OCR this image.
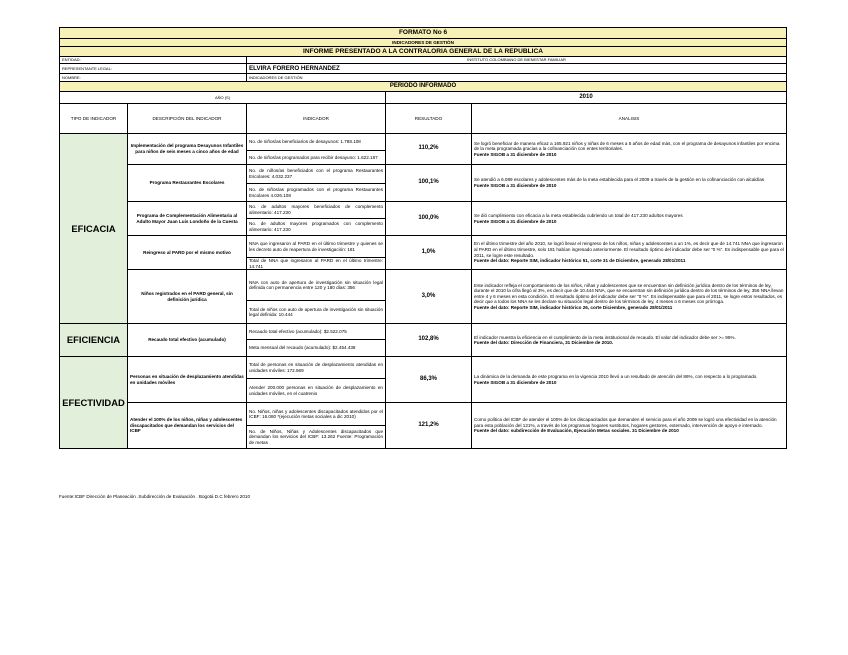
FORMATO No 6				
INDICADORES DE GESTIÓN				
INFORME PRESENTADO A LA CONTRALORIA GENERAL DE LA REPUBLICA				
ENTIDAD:		INSTITUTO COLOMBIANO DE BIENESTAR FAMILIAR		
REPRESENTANTE LEGAL:		ELVIRA FORERO HERNANDEZ		
NOMBRE:		INDICADORES DE GESTIÓN		
PERIODO INFORMADO				
AÑO (S)			2010	
TIPO DE INDICADOR	DESCRIPCIÓN DEL INDICADOR	INDICADOR	RESULTADO	ANALISIS
EFICACIA	Implementación del programa Desayunos Infantiles para niños de seis meses a cinco años de edad	No. de niños/as beneficiarios de desayunos: 1.788.108	110,2%	Se logró beneficiar de manera eficaz a 165.921 niños y niñas de 6 meses a 5 años de edad más, con el programa de desayunos infantiles por encima de la meta programada gracias a la cofinanciación con entes territoriales.
Fuente SIGOB a 31 diciembre de 2010

		No. de niños/as programados para recibir desayuno: 1.622.187		
	Programa Restaurantes Escolares	No. de niños/as beneficiados con el programa Restaurantes Escolares: 4.032.237	100,1%	Se atendió a 6.089 escolares y adolescentes más de la meta establecida para el 2009 a través de la gestión en la cofinanciación con alcaldías
Fuente SIGOB a 31 diciembre de 2010

		No. de niños/as programados con el programa Restaurantes Escolares 4.026.108		
	Programa de Complementación Alimentaria al Adulto Mayor Juan Luis Londoño de la Cuesta	No. de adultos mayores beneficiados de complemento alimentario: 417.230	100,0%	Se dió cumplimiento con eficacia a la meta establecida cubriendo un total de 417.230 adultos mayores
Fuente SIGOB a 31 diciembre de 2010

		No. de adultos mayores programados con complemento alimentario: 417.230		
	Reingreso al PARD por el mismo motivo	NNA que ingresaron al PARD en el último trimestre y quienes se les decreto auto de reapertura de investigación: 181	1,0%	En el último trimestre del año 2010, se logró llevar el reingreso de los niños, niñas y adolescentes a un 1%, es decir que de 14.741 NNA que ingresaron al PARD en el último trimestre, solo 181 habían ingresado anteriormente. El resultado óptimo del indicador debe ser "0 %". Es indispensable que para el 2011, se logre este resultado.
Fuente del dato: Reporte SIM, indicador histórico 51, corte 31 de Diciembre, generado 28/01/2011

		Total de NNA que ingresaron al PARD en el último trimestre: 14.741		
	Niños registrados en el PARD general, sin definición jurídica	NNA con auto de apertura de investigación sin situación legal definida con permanencia entre 120 y 180 días: 356	3,0%	Este indicador refleja el comportamiento de los niños, niñas y adolescentes que se encuentran sin definición jurídica dentro de los términos de ley, durante el 2010 la cifra llegó al 3%, es decir que de 10.444 NNA, que se encuentran sin definición jurídica dentro de los términos de ley, 356 NNA llevan entre 4 y 6 meses en esta condición. El resultado óptimo del indicador debe ser "0 %". Es indispensable que para el 2011, se logre estos resultados, es decir que a todos los NNA se les declare su situación legal dentro de los términos de ley, 4 meses o 6 meses con prórroga.
Fuente del dato: Reporte SIM, indicador histórico 26, corte Diciembre, generado 28/01/2011

		Total de niños con auto de apertura de investigación sin situación legal definida: 10.444		
EFICIENCIA	Recaudo total efectivo (acumulado)	Recaudo total efectivo (acumulado): $2.522.075	102,8%	El indicador muestra la eficiencia en el cumplimiento de la meta institucional de recaudo. El valor del indicador debe ser >= 95%.
Fuente del dato: Dirección de Financiera, 31 Diciembre de 2010.

		Meta mensual del recaudo (acumulado): $2.454.438		
EFECTIVIDAD	Personas en situación de desplazamiento atendidas en unidades móviles	Total de personas en situación de desplazamiento atendidas en unidades móviles: 172.569	86,3%	La dinámica de la demanda de este programa en la vigencia 2010 llevó a un resultado de atención del 86%, con respecto a lo programado.
Fuente SIGOB a 31 diciembre de 2010

		Atender 200.000 personas en situación de desplazamiento en unidades móviles, en el cuatrenio		
	Atender el 100% de los niños, niñas y adolescentes discapacitados que demandan los servicios del ICBF	No. Niños, niñas y adolescentes discapacitados atendidos por el ICBF: 16.080 *(ejecución metas sociales a dic 2010)	121,2%	Como política del ICBF de atender el 100% de los discapacitados que demanden el servicio para el año 2009 se logró una efectividad en la atención para esta población del 121%, a través de los programas hogares sustitutos, hogares gestores, externado, intervención de apoyo e internado.
Fuente del dato: subdirección de Evaluación, Ejecución Metas sociales. 31 Diciembre de 2010

		No. de Niños, Niñas y Adolescentes discapacitados que demandan los servicios del ICBF: 13.262 Fuente: Programación de metas		
Fuente:ICBF Dirección de Planeación .Subdirección de Evaluación . Bogotá D.C febrero 2010
